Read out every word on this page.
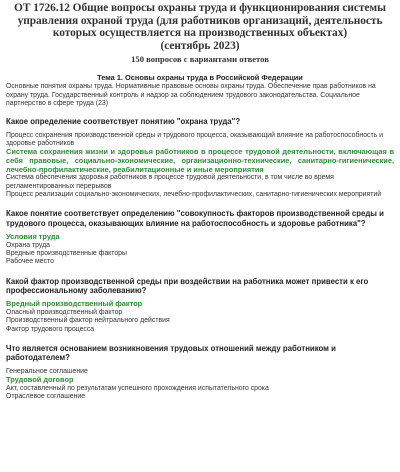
ОТ 1726.12 Общие вопросы охраны труда и функционирования системы
управления охраной труда (для работников организаций, деятельность
которых осуществляется на производственных объектах)
(сентябрь 2023)

150 вопросов с вариантами ответов

Тема 1. Основы охраны труда в Российской Федерации

Основные понятия охраны труда. Нормативные правовые основы охраны труда. Обеспечение прав работников на охрану труда. Государственный контроль и надзор за соблюдением трудового законодательства. Социальное партнерство в сфере труда (23)

Какое определение соответствует понятию "охрана труда"?

Процесс сохранения производственной среды и трудового процесса, оказывающий влияние на работоспособность и здоровье работников

Система сохранения жизни и здоровья работников в процессе трудовой деятельности, включающая в себя правовые, социально-экономические, организационно-технические, санитарно-гигиенические, лечебно-профилактические, реабилитационные и иные мероприятия

Система обеспечения здоровья работников в процессе трудовой деятельности, в том числе во время регламентированных перерывов

Процесс реализации социально-экономических, лечебно-профилактических, санитарно-гигиенических мероприятий

Какое понятие соответствует определению "совокупность факторов производственной среды и трудового процесса, оказывающих влияние на работоспособность и здоровье работника"?

Условия труда

Охрана труда

Вредные производственные факторы

Рабочее место

Какой фактор производственной среды при воздействии на работника может привести к его профессиональному заболеванию?

Вредный производственный фактор

Опасный производственный фактор

Производственный фактор нейтрального действия

Фактор трудового процесса

Что является основанием возникновения трудовых отношений между работником и работодателем?

Генеральное соглашение

Трудовой договор

Акт, составленный по результатам успешного прохождения испытательного срока

Отраслевое соглашение
